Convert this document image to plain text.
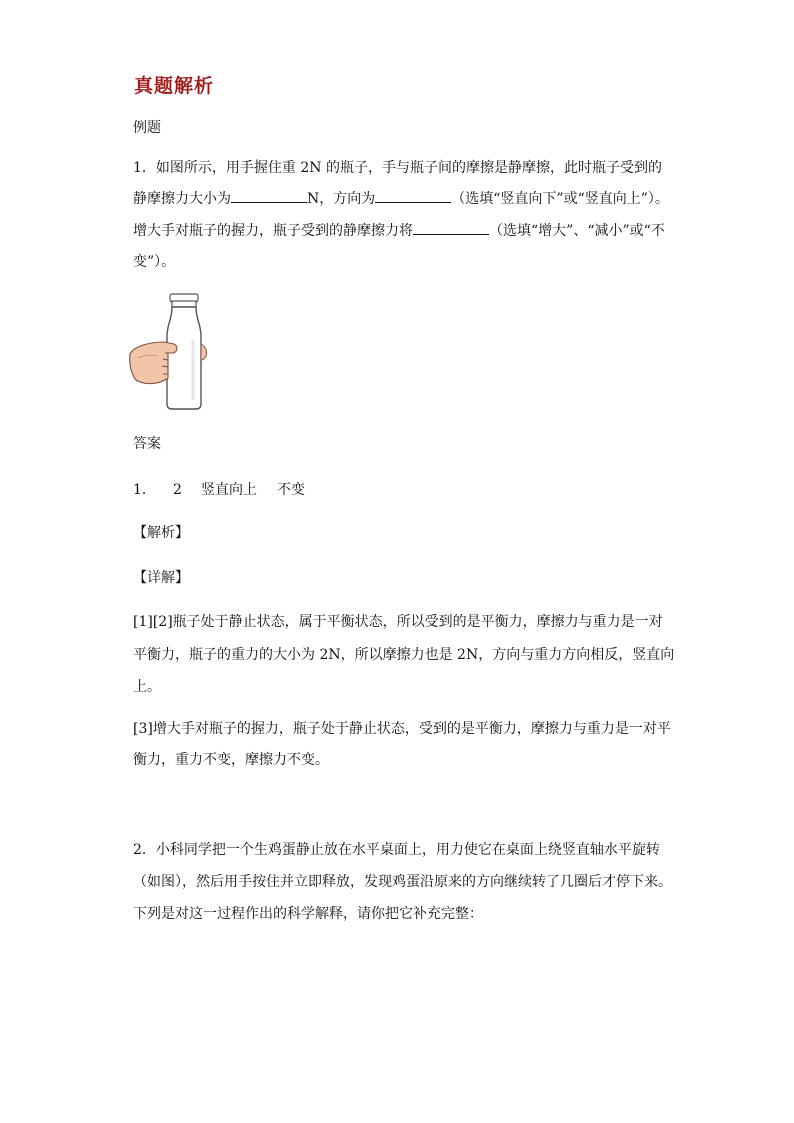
真题解析
例题
1．如图所示，用手握住重 2N 的瓶子，手与瓶子间的摩擦是静摩擦，此时瓶子受到的
静摩擦力大小为	N，方向为	（选填“竖直向下”或“竖直向上”）。
增大手对瓶子的握力，瓶子受到的静摩擦力将	（选填“增大”、“减小”或“不
变”）。
答案
1． 2 竖直向上 不变
【解析】
【详解】
[1][2]瓶子处于静止状态，属于平衡状态，所以受到的是平衡力，摩擦力与重力是一对
平衡力，瓶子的重力的大小为 2N，所以摩擦力也是 2N，方向与重力方向相反，竖直向
上。
[3]增大手对瓶子的握力，瓶子处于静止状态，受到的是平衡力，摩擦力与重力是一对平
衡力，重力不变，摩擦力不变。
2．小科同学把一个生鸡蛋静止放在水平桌面上，用力使它在桌面上绕竖直轴水平旋转
（如图），然后用手按住并立即释放，发现鸡蛋沿原来的方向继续转了几圈后才停下来。
下列是对这一过程作出的科学解释，请你把它补充完整：
